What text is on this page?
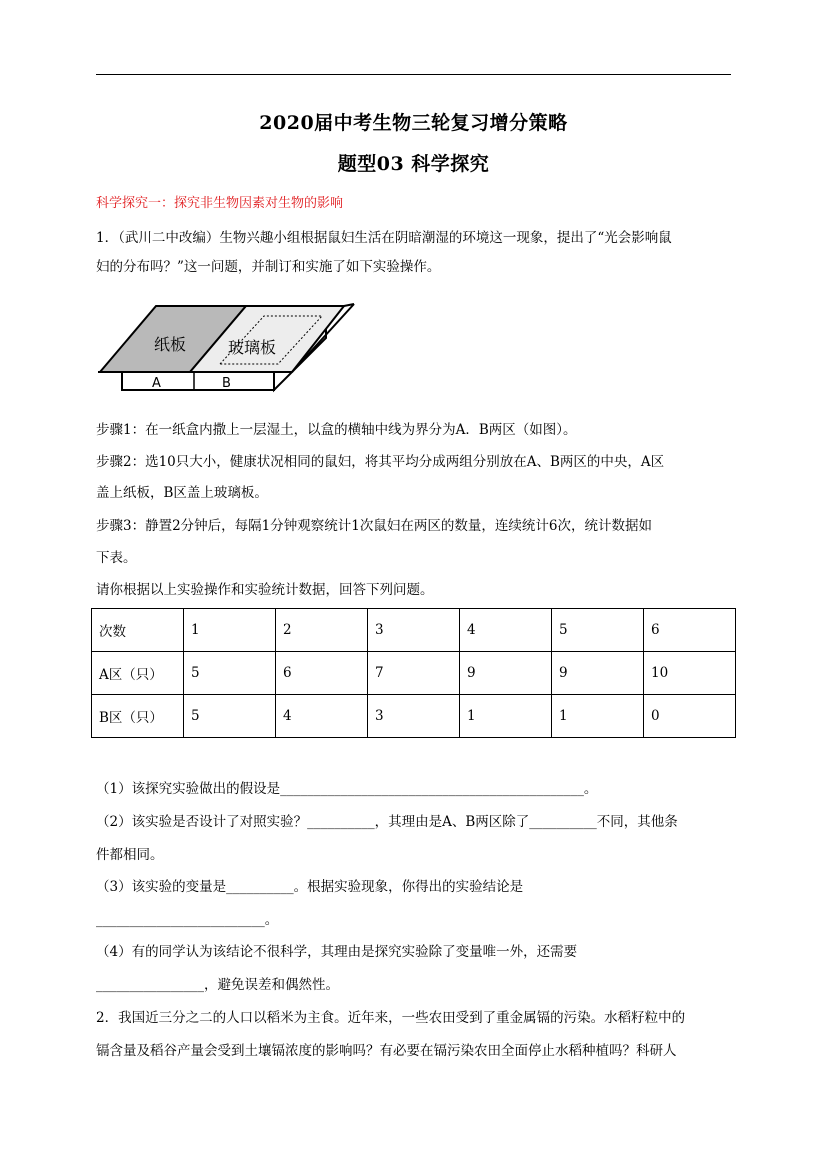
2020届中考生物三轮复习增分策略
题型03 科学探究
科学探究一：探究非生物因素对生物的影响
1．（武川二中改编）生物兴趣小组根据鼠妇生活在阴暗潮湿的环境这一现象，提出了“光会影响鼠
妇的分布吗？”这一问题，并制订和实施了如下实验操作。
纸板	玻璃板
A	B
步骤1：在一纸盒内撒上一层湿土，以盒的横轴中线为界分为A．B两区（如图）。
步骤2：选10只大小，健康状况相同的鼠妇，将其平均分成两组分别放在A、B两区的中央，A区
盖上纸板，B区盖上玻璃板。
步骤3：静置2分钟后，每隔1分钟观察统计1次鼠妇在两区的数量，连续统计6次，统计数据如
下表。
请你根据以上实验操作和实验统计数据，回答下列问题。
次数	1	2	3	4	5	6
A区（只）	5	6	7	9	9	10
B区（只）	5	4	3	1	1	0
（1）该探究实验做出的假设是_____________________________________________。
（2）该实验是否设计了对照实验？__________，其理由是A、B两区除了__________不同，其他条
件都相同。
（3）该实验的变量是__________。根据实验现象，你得出的实验结论是
_________________________。
（4）有的同学认为该结论不很科学，其理由是探究实验除了变量唯一外，还需要
________________，避免误差和偶然性。
2．我国近三分之二的人口以稻米为主食。近年来，一些农田受到了重金属镉的污染。水稻籽粒中的
镉含量及稻谷产量会受到土壤镉浓度的影响吗？有必要在镉污染农田全面停止水稻种植吗？科研人
